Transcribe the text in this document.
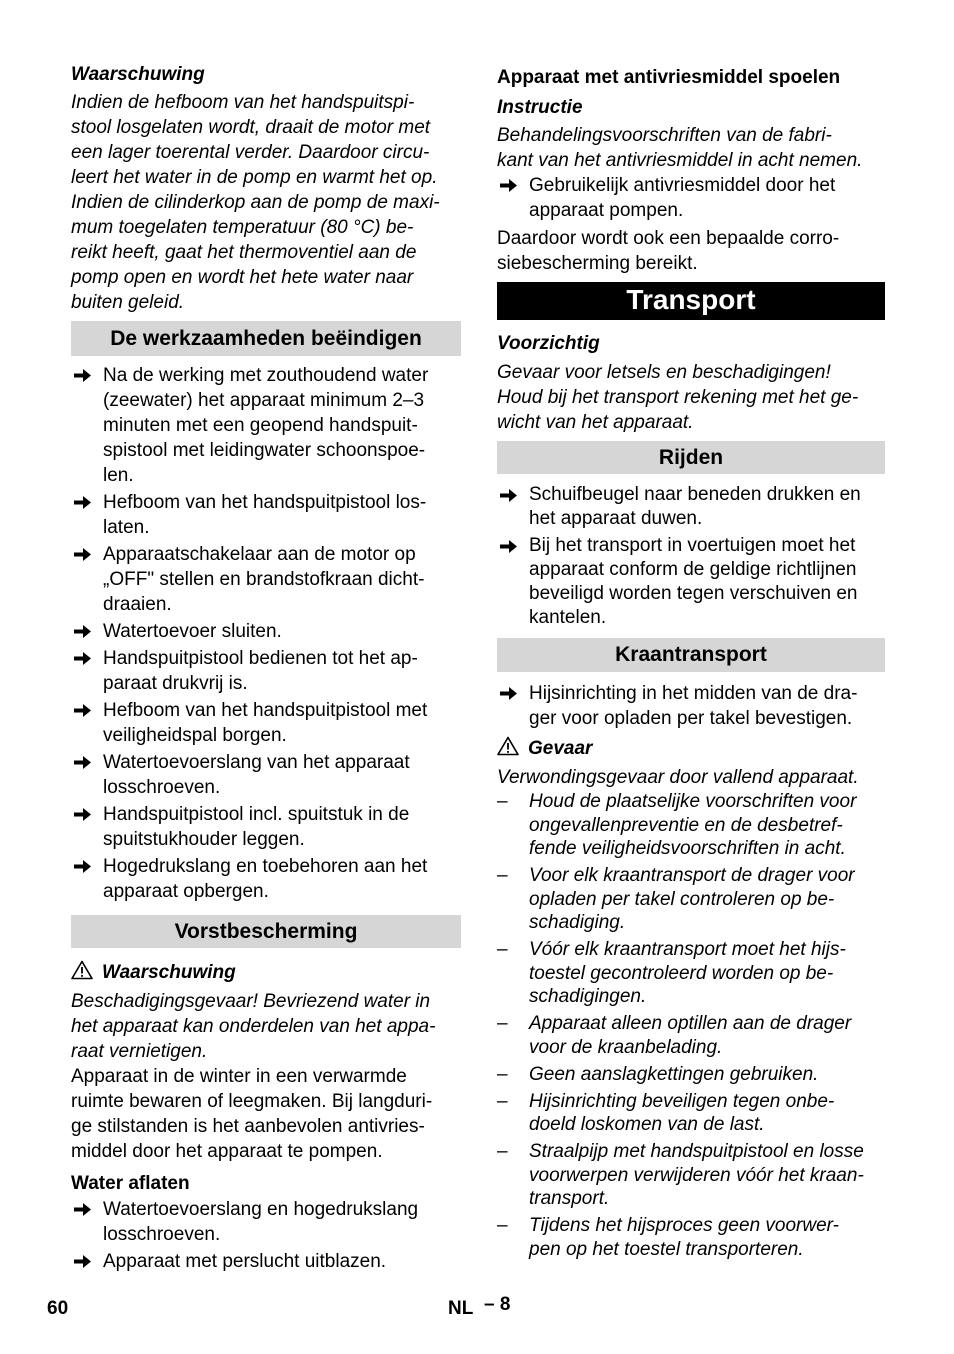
Waarschuwing
Indien de hefboom van het handspuitspi-
stool losgelaten wordt, draait de motor met
een lager toerental verder. Daardoor circu-
leert het water in de pomp en warmt het op.
Indien de cilinderkop aan de pomp de maxi-
mum toegelaten temperatuur (80 °C) be-
reikt heeft, gaat het thermoventiel aan de
pomp open en wordt het hete water naar
buiten geleid.
De werkzaamheden beëindigen
Na de werking met zouthoudend water
(zeewater) het apparaat minimum 2–3
minuten met een geopend handspuit-
spistool met leidingwater schoonspoe-
len.
Hefboom van het handspuitpistool los-
laten.
Apparaatschakelaar aan de motor op
„OFF" stellen en brandstofkraan dicht-
draaien.
Watertoevoer sluiten.
Handspuitpistool bedienen tot het ap-
paraat drukvrij is.
Hefboom van het handspuitpistool met
veiligheidspal borgen.
Watertoevoerslang van het apparaat
losschroeven.
Handspuitpistool incl. spuitstuk in de
spuitstukhouder leggen.
Hogedrukslang en toebehoren aan het
apparaat opbergen.
Vorstbescherming
Waarschuwing
Beschadigingsgevaar! Bevriezend water in
het apparaat kan onderdelen van het appa-
raat vernietigen.
Apparaat in de winter in een verwarmde
ruimte bewaren of leegmaken. Bij langduri-
ge stilstanden is het aanbevolen antivries-
middel door het apparaat te pompen.
Water aflaten
Watertoevoerslang en hogedrukslang
losschroeven.
Apparaat met perslucht uitblazen.
Apparaat met antivriesmiddel spoelen
Instructie
Behandelingsvoorschriften van de fabri-
kant van het antivriesmiddel in acht nemen.
Gebruikelijk antivriesmiddel door het
apparaat pompen.
Daardoor wordt ook een bepaalde corro-
siebescherming bereikt.
Transport
Voorzichtig
Gevaar voor letsels en beschadigingen!
Houd bij het transport rekening met het ge-
wicht van het apparaat.
Rijden
Schuifbeugel naar beneden drukken en
het apparaat duwen.
Bij het transport in voertuigen moet het
apparaat conform de geldige richtlijnen
beveiligd worden tegen verschuiven en
kantelen.
Kraantransport
Hijsinrichting in het midden van de dra-
ger voor opladen per takel bevestigen.
Gevaar
Verwondingsgevaar door vallend apparaat.
– Houd de plaatselijke voorschriften voor
ongevallenpreventie en de desbetref-
fende veiligheidsvoorschriften in acht.
– Voor elk kraantransport de drager voor
opladen per takel controleren op be-
schadiging.
– Vóór elk kraantransport moet het hijs-
toestel gecontroleerd worden op be-
schadigingen.
– Apparaat alleen optillen aan de drager
voor de kraanbelading.
– Geen aanslagkettingen gebruiken.
– Hijsinrichting beveiligen tegen onbe-
doeld loskomen van de last.
– Straalpijp met handspuitpistool en losse
voorwerpen verwijderen vóór het kraan-
transport.
– Tijdens het hijsproces geen voorwer-
pen op het toestel transporteren.
60	NL – 8
